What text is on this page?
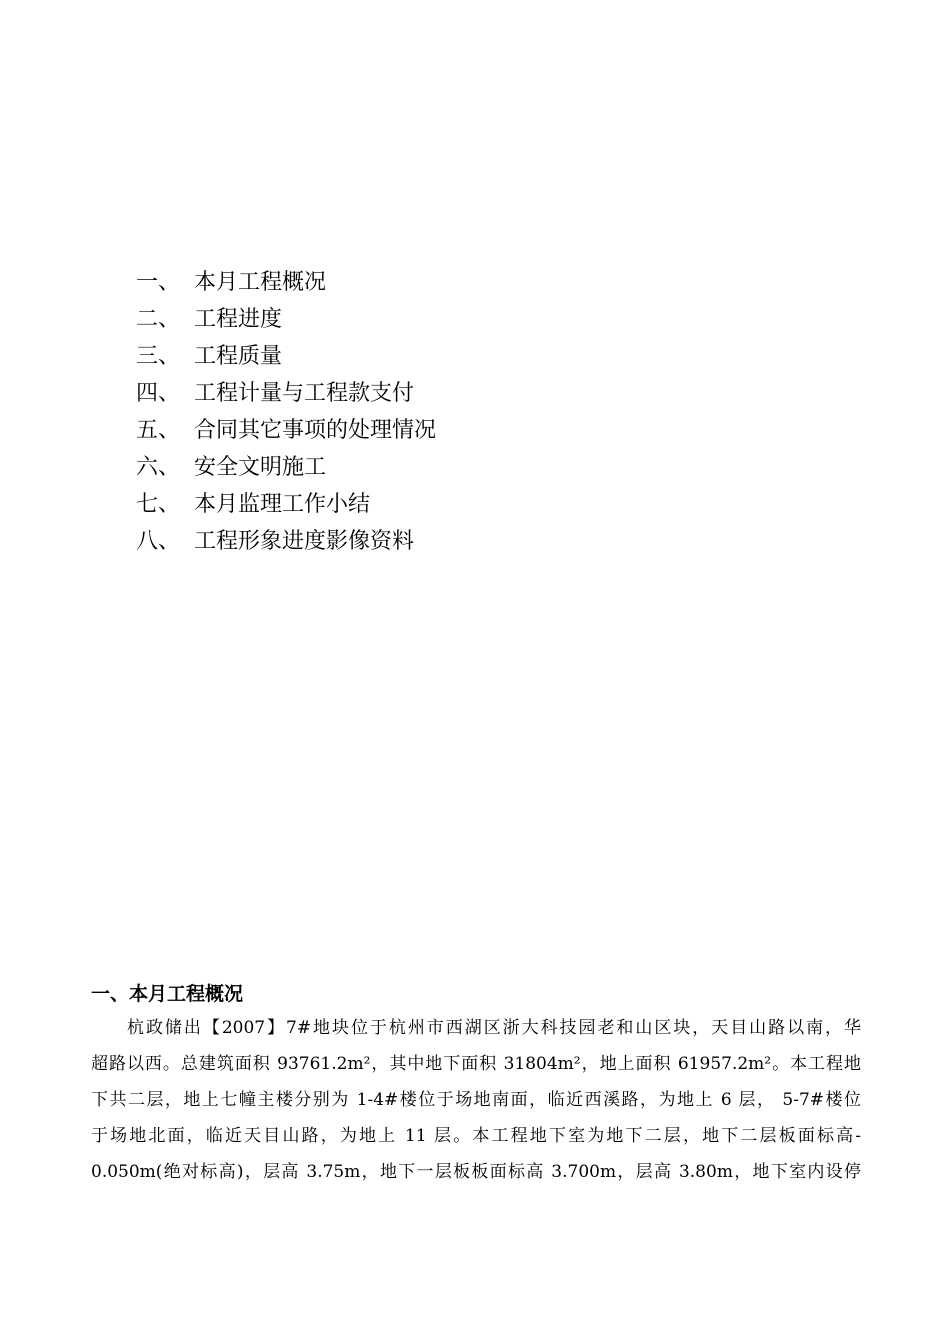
一、 本月工程概况
二、 工程进度
三、 工程质量
四、 工程计量与工程款支付
五、 合同其它事项的处理情况
六、 安全文明施工
七、 本月监理工作小结
八、 工程形象进度影像资料
一、本月工程概况
杭政储出【2007】7#地块位于杭州市西湖区浙大科技园老和山区块，天目山路以南，华
超路以西。总建筑面积 93761.2m²，其中地下面积 31804m²，地上面积 61957.2m²。本工程地
下共二层，地上七幢主楼分别为 1-4#楼位于场地南面，临近西溪路，为地上 6 层， 5-7#楼位
于场地北面，临近天目山路，为地上 11 层。本工程地下室为地下二层，地下二层板面标高-
0.050m(绝对标高)，层高 3.75m，地下一层板板面标高 3.700m，层高 3.80m，地下室内设停
